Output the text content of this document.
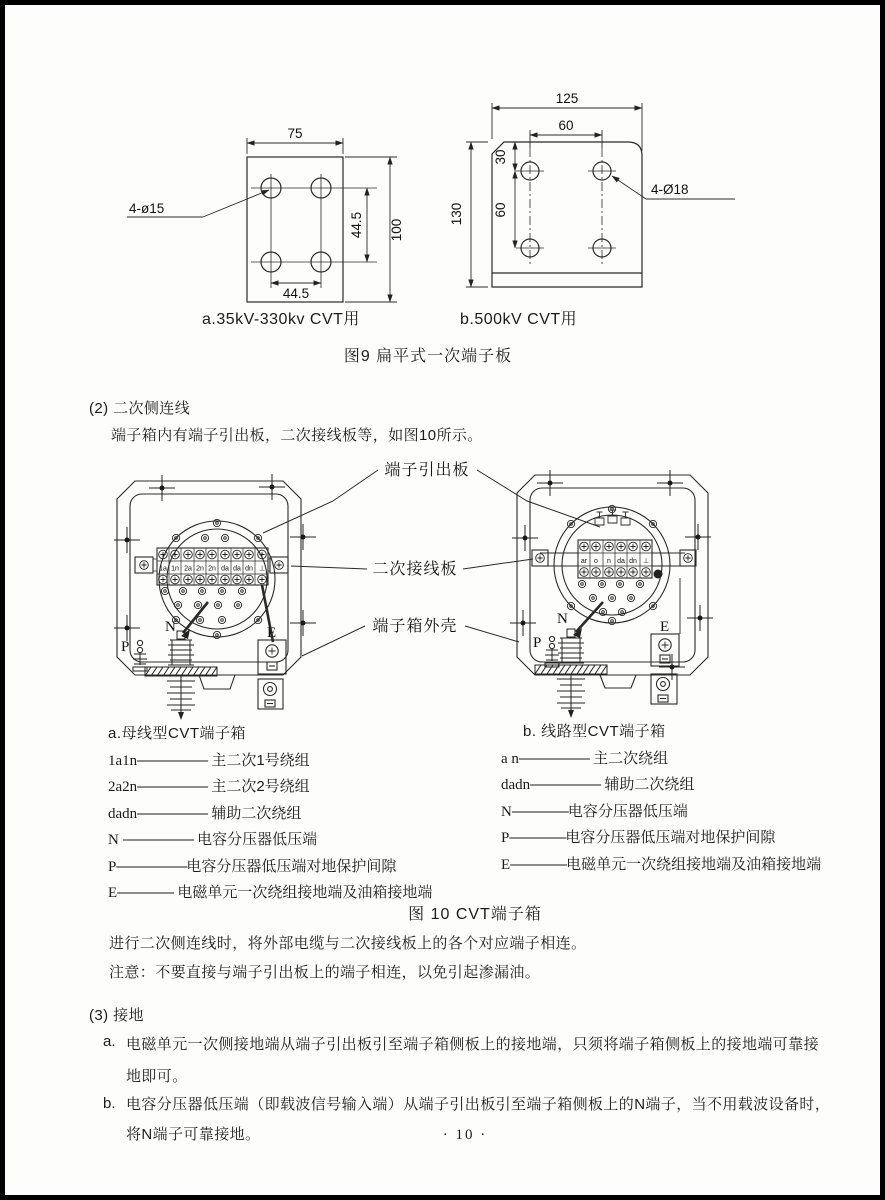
75
100
44.5
44.5
4-ø15
125
60
30
60
130
4-Ø18
a.35kV-330kv CVT用	b.500kV CVT用
图9 扁平式一次端子板
(2) 二次侧连线
端子箱内有端子引出板，二次接线板等，如图10所示。
N
P
E
1a 1n 2a 2n 2n da da dn ⊥
N
P
E
ar o n da dn ⊥
端子引出板
二次接线板
端子箱外壳
a.母线型CVT端子箱
1a1n————— 主二次1号绕组
2a2n————— 主二次2号绕组
dadn————— 辅助二次绕组
N ————— 电容分压器低压端
P—————电容分压器低压端对地保护间隙
E———— 电磁单元一次绕组接地端及油箱接地端
b. 线路型CVT端子箱
a n————— 主二次绕组
dadn————— 辅助二次绕组
N————电容分压器低压端
P————电容分压器低压端对地保护间隙
E————电磁单元一次绕组接地端及油箱接地端
图 10 CVT端子箱
进行二次侧连线时，将外部电缆与二次接线板上的各个对应端子相连。
注意：不要直接与端子引出板上的端子相连，以免引起渗漏油。
(3) 接地
a. 电磁单元一次侧接地端从端子引出板引至端子箱侧板上的接地端，只须将端子箱侧板上的接地端可靠接
地即可。
b. 电容分压器低压端（即载波信号输入端）从端子引出板引至端子箱侧板上的N端子，当不用载波设备时，
将N端子可靠接地。	· 10 ·
